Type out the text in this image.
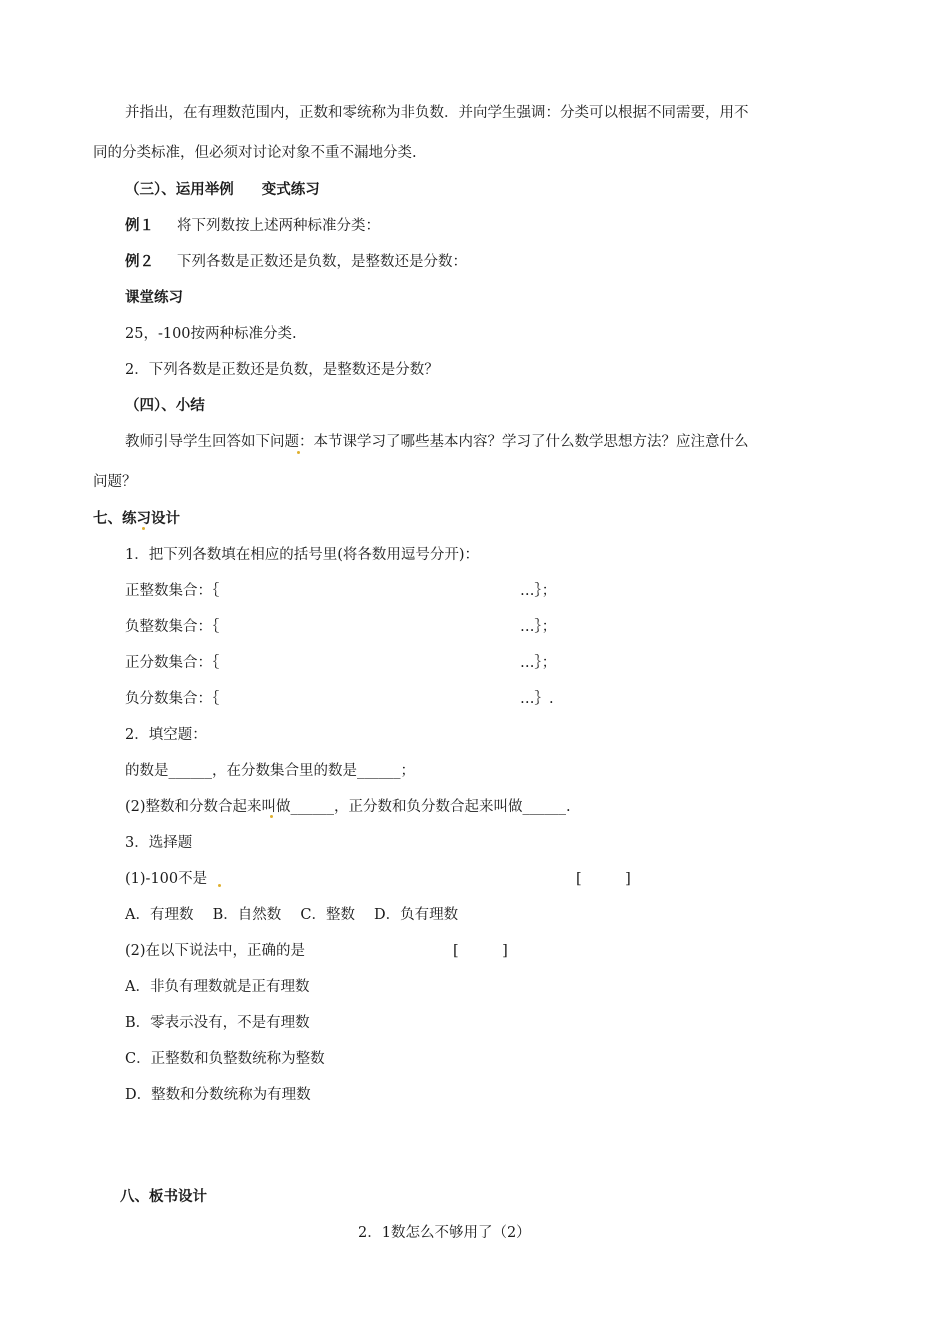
并指出，在有理数范围内，正数和零统称为非负数．并向学生强调：分类可以根据不同需要，用不
同的分类标准，但必须对讨论对象不重不漏地分类.
（三）、运用举例 变式练习
例１ 将下列数按上述两种标准分类：
例２ 下列各数是正数还是负数，是整数还是分数：
课堂练习
25，-100按两种标准分类.
2．下列各数是正数还是负数，是整数还是分数？
（四）、小结
教师引导学生回答如下问题：本节课学习了哪些基本内容？学习了什么数学思想方法？应注意什么
问题？
七、练习设计
1．把下列各数填在相应的括号里(将各数用逗号分开)：
正整数集合：｛	…｝；
负整数集合：｛	…｝；
正分数集合：｛	…｝；
负分数集合：｛	…｝.
2．填空题：
的数是______，在分数集合里的数是______；
(2)整数和分数合起来叫做______，正分数和负分数合起来叫做______.
3．选择题
(1)-100不是	[　　　]
A．有理数　 B．自然数　 C．整数　 D．负有理数
(2)在以下说法中，正确的是	[　　　]
A．非负有理数就是正有理数
B．零表示没有，不是有理数
C．正整数和负整数统称为整数
D．整数和分数统称为有理数
八、板书设计
2．1数怎么不够用了（2）
